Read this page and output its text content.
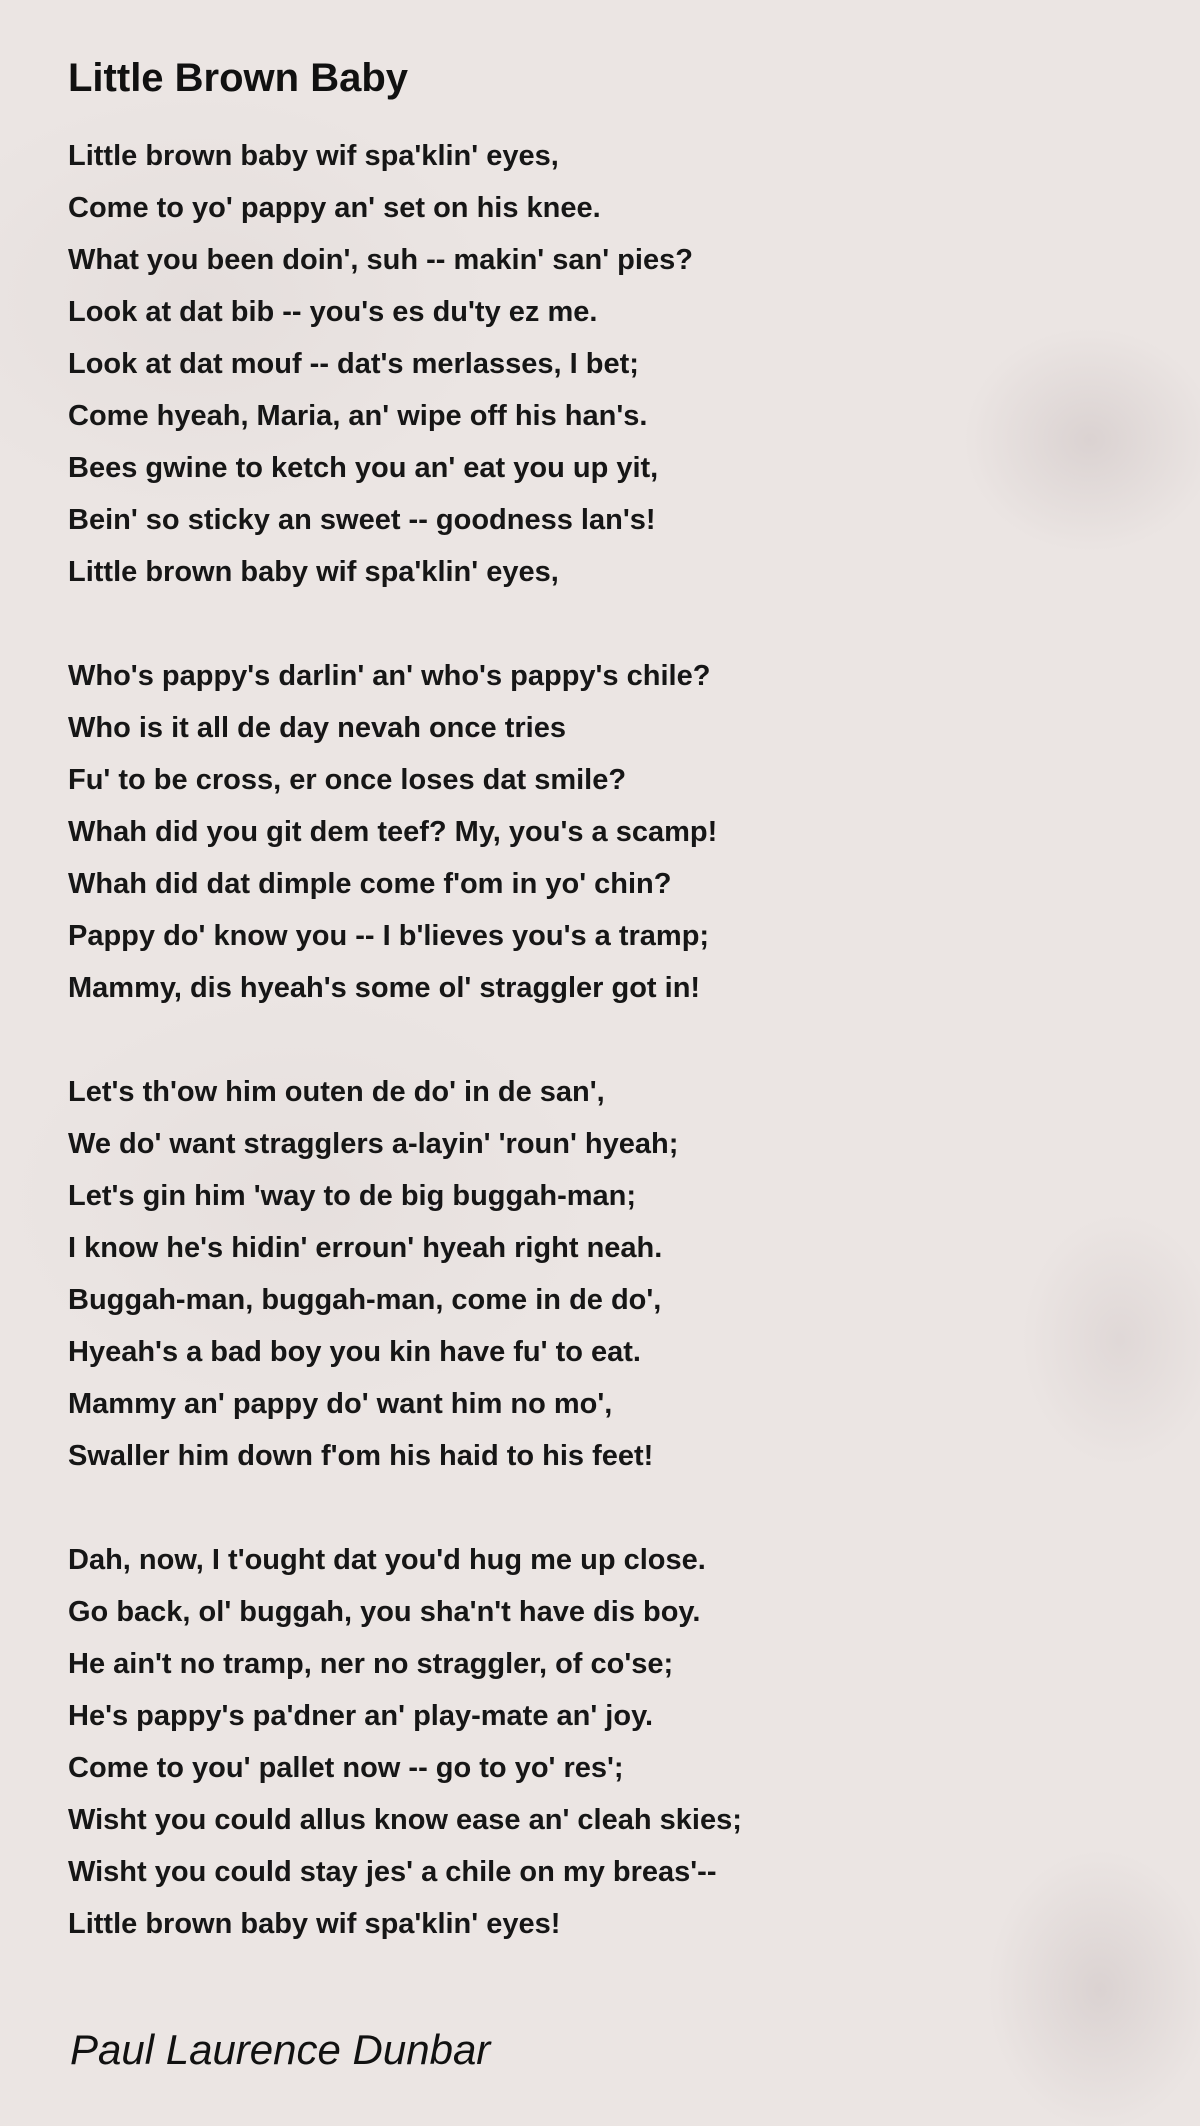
Little Brown Baby
Little brown baby wif spa'klin' eyes,
Come to yo' pappy an' set on his knee.
What you been doin', suh -- makin' san' pies?
Look at dat bib -- you's es du'ty ez me.
Look at dat mouf -- dat's merlasses, I bet;
Come hyeah, Maria, an' wipe off his han's.
Bees gwine to ketch you an' eat you up yit,
Bein' so sticky an sweet -- goodness lan's!
Little brown baby wif spa'klin' eyes,
Who's pappy's darlin' an' who's pappy's chile?
Who is it all de day nevah once tries
Fu' to be cross, er once loses dat smile?
Whah did you git dem teef? My, you's a scamp!
Whah did dat dimple come f'om in yo' chin?
Pappy do' know you -- I b'lieves you's a tramp;
Mammy, dis hyeah's some ol' straggler got in!
Let's th'ow him outen de do' in de san',
We do' want stragglers a-layin' 'roun' hyeah;
Let's gin him 'way to de big buggah-man;
I know he's hidin' erroun' hyeah right neah.
Buggah-man, buggah-man, come in de do',
Hyeah's a bad boy you kin have fu' to eat.
Mammy an' pappy do' want him no mo',
Swaller him down f'om his haid to his feet!
Dah, now, I t'ought dat you'd hug me up close.
Go back, ol' buggah, you sha'n't have dis boy.
He ain't no tramp, ner no straggler, of co'se;
He's pappy's pa'dner an' play-mate an' joy.
Come to you' pallet now -- go to yo' res';
Wisht you could allus know ease an' cleah skies;
Wisht you could stay jes' a chile on my breas'--
Little brown baby wif spa'klin' eyes!
Paul Laurence Dunbar
